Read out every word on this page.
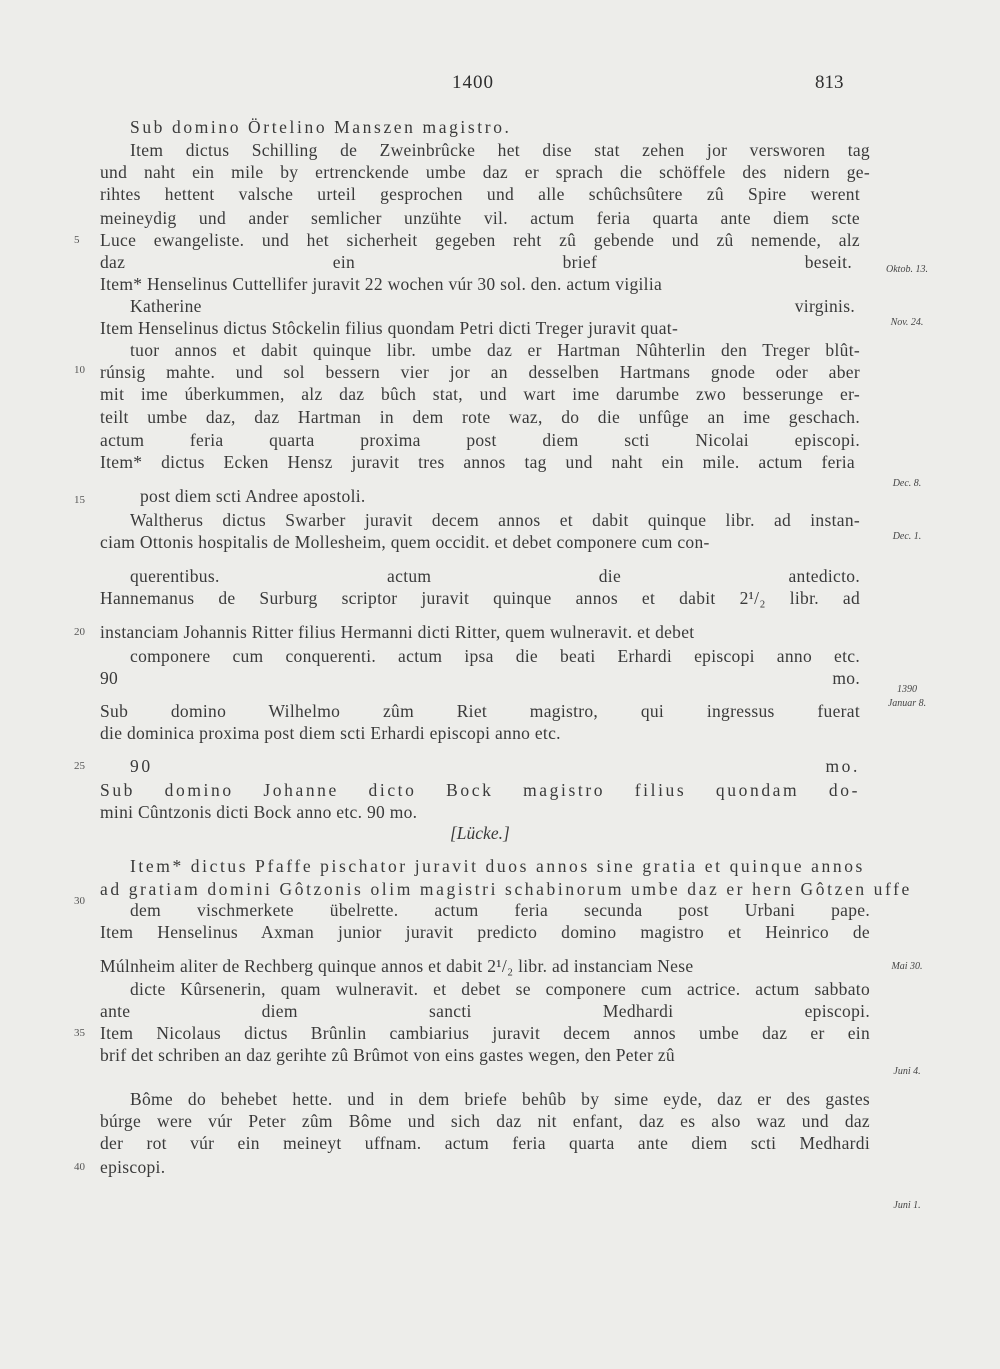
1400	813
Sub domino Örtelino Manszen magistro.
Item dictus Schilling de Zweinbrûcke het dise stat zehen jor versworen tag
und naht ein mile by ertrenckende umbe daz er sprach die schöffele des nidern ge-
rihtes hettent valsche urteil gesprochen und alle schûchsûtere zû Spire werent
meineydig und ander semlicher unzühte vil. actum feria quarta ante diem scte
Luce ewangeliste. und het sicherheit gegeben reht zû gebende und zû nemende, alz
daz ein brief beseit.
Item* Henselinus Cuttellifer juravit 22 wochen vúr 30 sol. den. actum vigilia
Katherine virginis.
Item Henselinus dictus Stôckelin filius quondam Petri dicti Treger juravit quat-
tuor annos et dabit quinque libr. umbe daz er Hartman Nûhterlin den Treger blût-
rúnsig mahte. und sol bessern vier jor an desselben Hartmans gnode oder aber
mit ime úberkummen, alz daz bûch stat, und wart ime darumbe zwo besserunge er-
teilt umbe daz, daz Hartman in dem rote waz, do die unfûge an ime geschach.
actum feria quarta proxima post diem scti Nicolai episcopi.
Item* dictus Ecken Hensz juravit tres annos tag und naht ein mile. actum feria
post diem scti Andree apostoli.
Waltherus dictus Swarber juravit decem annos et dabit quinque libr. ad instan-
ciam Ottonis hospitalis de Mollesheim, quem occidit. et debet componere cum con-
querentibus. actum die antedicto.
Hannemanus de Surburg scriptor juravit quinque annos et dabit 2¹/₂ libr. ad
instanciam Johannis Ritter filius Hermanni dicti Ritter, quem wulneravit. et debet
componere cum conquerenti. actum ipsa die beati Erhardi episcopi anno etc.
90 mo.
Sub domino Wilhelmo zûm Riet magistro, qui ingressus fuerat
die dominica proxima post diem scti Erhardi episcopi anno etc.
90 mo.
Sub domino Johanne dicto Bock magistro filius quondam do-
mini Cûntzonis dicti Bock anno etc. 90 mo.
Item* dictus Pfaffe pischator juravit duos annos sine gratia et quinque annos
ad gratiam domini Gôtzonis olim magistri schabinorum umbe daz er hern Gôtzen uffe
dem vischmerkete übelrette. actum feria secunda post Urbani pape.
Item Henselinus Axman junior juravit predicto domino magistro et Heinrico de
Múlnheim aliter de Rechberg quinque annos et dabit 2¹/₂ libr. ad instanciam Nese
dicte Kûrsenerin, quam wulneravit. et debet se componere cum actrice. actum sabbato
ante diem sancti Medhardi episcopi.
Item Nicolaus dictus Brûnlin cambiarius juravit decem annos umbe daz er ein
brif det schriben an daz gerihte zû Brûmot von eins gastes wegen, den Peter zû
Bôme do behebet hette. und in dem briefe behûb by sime eyde, daz er des gastes
búrge were vúr Peter zûm Bôme und sich daz nit enfant, daz es also waz und daz
der rot vúr ein meineyt uffnam. actum feria quarta ante diem scti Medhardi
episcopi.
[Lücke.]
5
10
15
20
25
30
35
40
Oktob. 13.
Nov. 24.
Dec. 8.
Dec. 1.
1390
Januar 8.
Mai 30.
Juni 4.
Juni 1.
